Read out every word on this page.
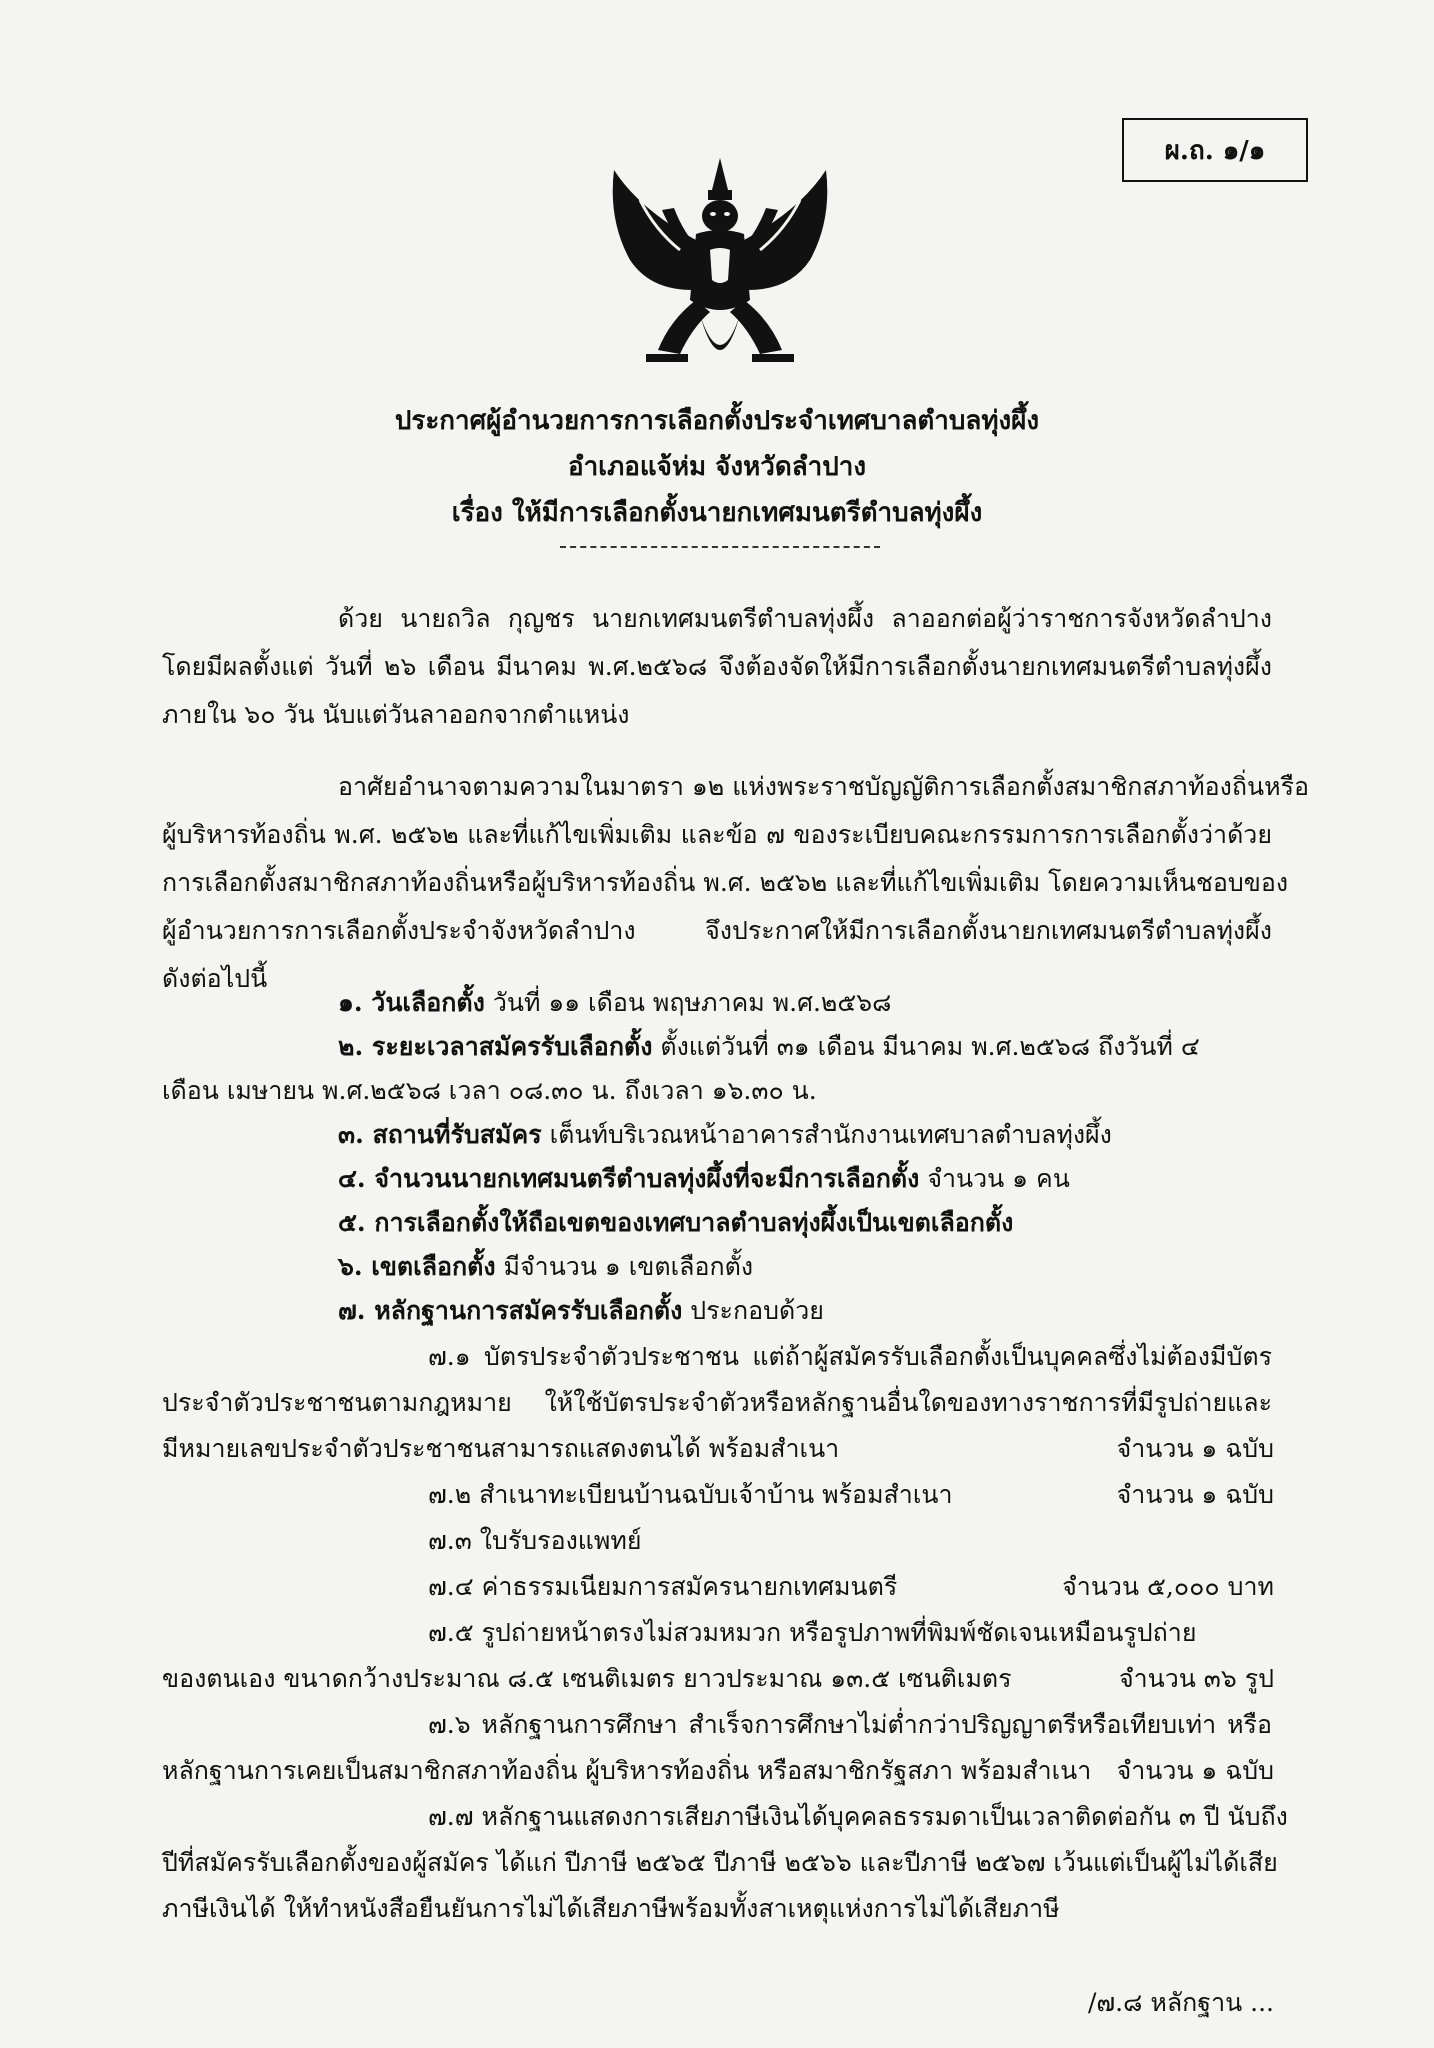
ผ.ถ. ๑/๑
ประกาศผู้อำนวยการการเลือกตั้งประจำเทศบาลตำบลทุ่งผึ้ง
อำเภอแจ้ห่ม จังหวัดลำปาง
เรื่อง ให้มีการเลือกตั้งนายกเทศมนตรีตำบลทุ่งผึ้ง
ด้วย นายถวิล กุญชร นายกเทศมนตรีตำบลทุ่งผึ้ง ลาออกต่อผู้ว่าราชการจังหวัดลำปาง
โดยมีผลตั้งแต่ วันที่ ๒๖ เดือน มีนาคม พ.ศ.๒๕๖๘ จึงต้องจัดให้มีการเลือกตั้งนายกเทศมนตรีตำบลทุ่งผึ้ง
ภายใน ๖๐ วัน นับแต่วันลาออกจากตำแหน่ง
อาศัยอำนาจตามความในมาตรา ๑๒ แห่งพระราชบัญญัติการเลือกตั้งสมาชิกสภาท้องถิ่นหรือ
ผู้บริหารท้องถิ่น พ.ศ. ๒๕๖๒ และที่แก้ไขเพิ่มเติม และข้อ ๗ ของระเบียบคณะกรรมการการเลือกตั้งว่าด้วย
การเลือกตั้งสมาชิกสภาท้องถิ่นหรือผู้บริหารท้องถิ่น พ.ศ. ๒๕๖๒ และที่แก้ไขเพิ่มเติม โดยความเห็นชอบของ
ผู้อำนวยการการเลือกตั้งประจำจังหวัดลำปาง จึงประกาศให้มีการเลือกตั้งนายกเทศมนตรีตำบลทุ่งผึ้ง
ดังต่อไปนี้
๑. วันเลือกตั้ง วันที่ ๑๑ เดือน พฤษภาคม พ.ศ.๒๕๖๘
๒. ระยะเวลาสมัครรับเลือกตั้ง ตั้งแต่วันที่ ๓๑ เดือน มีนาคม พ.ศ.๒๕๖๘ ถึงวันที่ ๔
เดือน เมษายน พ.ศ.๒๕๖๘ เวลา ๐๘.๓๐ น. ถึงเวลา ๑๖.๓๐ น.
๓. สถานที่รับสมัคร เต็นท์บริเวณหน้าอาคารสำนักงานเทศบาลตำบลทุ่งผึ้ง
๔. จำนวนนายกเทศมนตรีตำบลทุ่งผึ้งที่จะมีการเลือกตั้ง จำนวน ๑ คน
๕. การเลือกตั้งให้ถือเขตของเทศบาลตำบลทุ่งผึ้งเป็นเขตเลือกตั้ง
๖. เขตเลือกตั้ง มีจำนวน ๑ เขตเลือกตั้ง
๗. หลักฐานการสมัครรับเลือกตั้ง ประกอบด้วย
๗.๑ บัตรประจำตัวประชาชน แต่ถ้าผู้สมัครรับเลือกตั้งเป็นบุคคลซึ่งไม่ต้องมีบัตร
ประจำตัวประชาชนตามกฎหมาย ให้ใช้บัตรประจำตัวหรือหลักฐานอื่นใดของทางราชการที่มีรูปถ่ายและ
มีหมายเลขประจำตัวประชาชนสามารถแสดงตนได้ พร้อมสำเนา	จำนวน ๑ ฉบับ
๗.๒ สำเนาทะเบียนบ้านฉบับเจ้าบ้าน พร้อมสำเนา	จำนวน ๑ ฉบับ
๗.๓ ใบรับรองแพทย์
๗.๔ ค่าธรรมเนียมการสมัครนายกเทศมนตรี	จำนวน ๕,๐๐๐ บาท
๗.๕ รูปถ่ายหน้าตรงไม่สวมหมวก หรือรูปภาพที่พิมพ์ชัดเจนเหมือนรูปถ่าย
ของตนเอง ขนาดกว้างประมาณ ๘.๕ เซนติเมตร ยาวประมาณ ๑๓.๕ เซนติเมตร	จำนวน ๓๖ รูป
๗.๖ หลักฐานการศึกษา สำเร็จการศึกษาไม่ต่ำกว่าปริญญาตรีหรือเทียบเท่า หรือ
หลักฐานการเคยเป็นสมาชิกสภาท้องถิ่น ผู้บริหารท้องถิ่น หรือสมาชิกรัฐสภา พร้อมสำเนา จำนวน ๑ ฉบับ
๗.๗ หลักฐานแสดงการเสียภาษีเงินได้บุคคลธรรมดาเป็นเวลาติดต่อกัน ๓ ปี นับถึง
ปีที่สมัครรับเลือกตั้งของผู้สมัคร ได้แก่ ปีภาษี ๒๕๖๕ ปีภาษี ๒๕๖๖ และปีภาษี ๒๕๖๗ เว้นแต่เป็นผู้ไม่ได้เสีย
ภาษีเงินได้ ให้ทำหนังสือยืนยันการไม่ได้เสียภาษีพร้อมทั้งสาเหตุแห่งการไม่ได้เสียภาษี
/๗.๘ หลักฐาน ...
